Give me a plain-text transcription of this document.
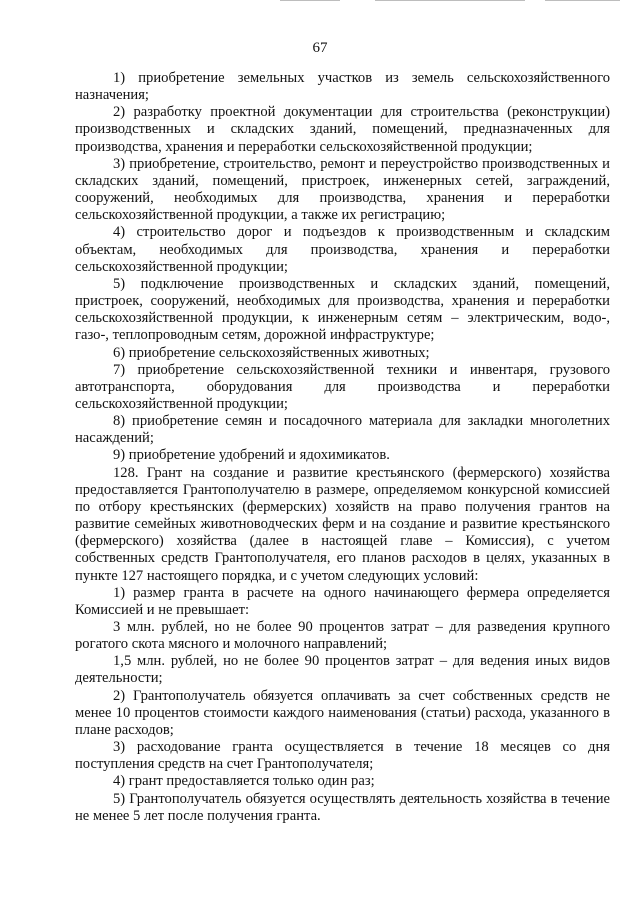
67

1) приобретение земельных участков из земель сельскохозяйственного назначения;

2) разработку проектной документации для строительства (реконструкции) производственных и складских зданий, помещений, предназначенных для производства, хранения и переработки сельскохозяйственной продукции;

3) приобретение, строительство, ремонт и переустройство производственных и складских зданий, помещений, пристроек, инженерных сетей, заграждений, сооружений, необходимых для производства, хранения и переработки сельскохозяйственной продукции, а также их регистрацию;

4) строительство дорог и подъездов к производственным и складским объектам, необходимых для производства, хранения и переработки сельскохозяйственной продукции;

5) подключение производственных и складских зданий, помещений, пристроек, сооружений, необходимых для производства, хранения и переработки сельскохозяйственной продукции, к инженерным сетям – электрическим, водо-, газо-, теплопроводным сетям, дорожной инфраструктуре;

6) приобретение сельскохозяйственных животных;

7) приобретение сельскохозяйственной техники и инвентаря, грузового автотранспорта, оборудования для производства и переработки сельскохозяйственной продукции;

8) приобретение семян и посадочного материала для закладки многолетних насаждений;

9) приобретение удобрений и ядохимикатов.

128. Грант на создание и развитие крестьянского (фермерского) хозяйства предоставляется Грантополучателю в размере, определяемом конкурсной комиссией по отбору крестьянских (фермерских) хозяйств на право получения грантов на развитие семейных животноводческих ферм и на создание и развитие крестьянского (фермерского) хозяйства (далее в настоящей главе – Комиссия), с учетом собственных средств Грантополучателя, его планов расходов в целях, указанных в пункте 127 настоящего порядка, и с учетом следующих условий:

1) размер гранта в расчете на одного начинающего фермера определяется Комиссией и не превышает:

3 млн. рублей, но не более 90 процентов затрат – для разведения крупного рогатого скота мясного и молочного направлений;

1,5 млн. рублей, но не более 90 процентов затрат – для ведения иных видов деятельности;

2) Грантополучатель обязуется оплачивать за счет собственных средств не менее 10 процентов стоимости каждого наименования (статьи) расхода, указанного в плане расходов;

3) расходование гранта осуществляется в течение 18 месяцев со дня поступления средств на счет Грантополучателя;

4) грант предоставляется только один раз;

5) Грантополучатель обязуется осуществлять деятельность хозяйства в течение не менее 5 лет после получения гранта.
